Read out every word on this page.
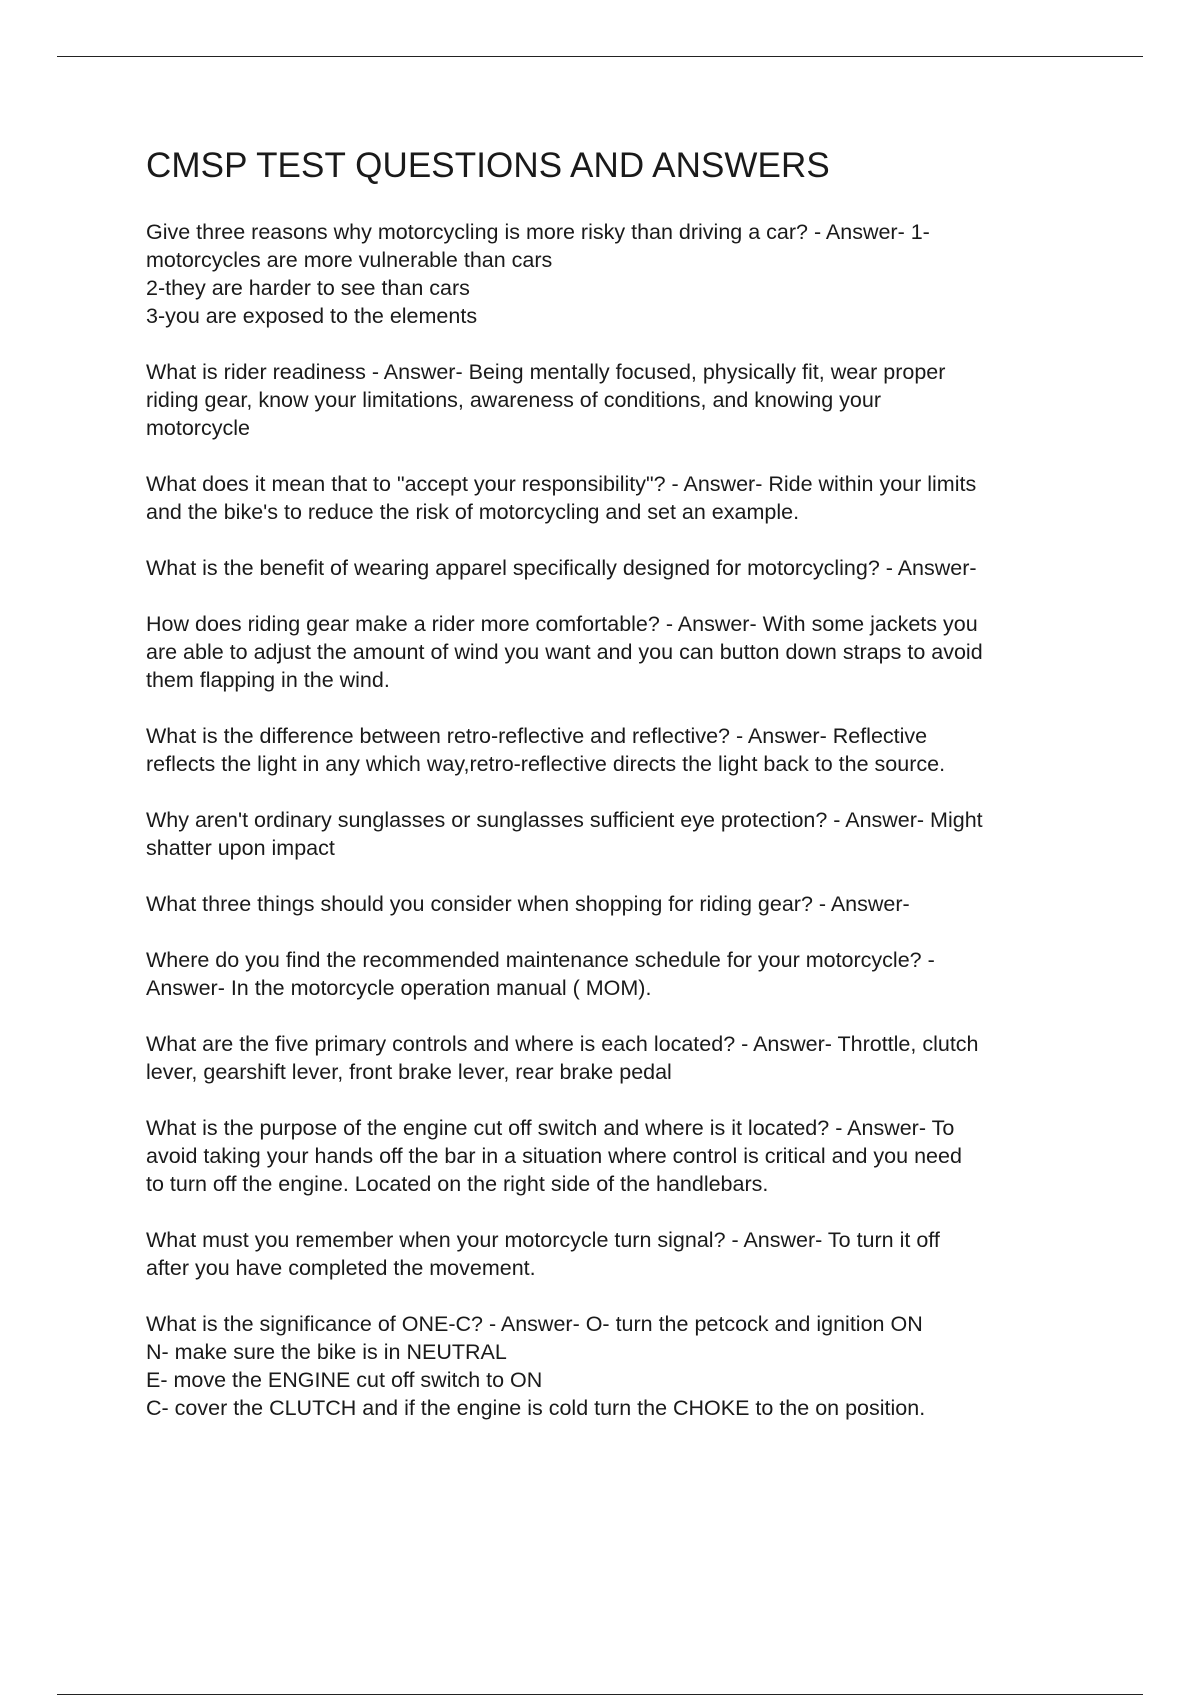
CMSP TEST QUESTIONS AND ANSWERS
Give three reasons why motorcycling is more risky than driving a car? - Answer- 1-
motorcycles are more vulnerable than cars
2-they are harder to see than cars
3-you are exposed to the elements
What is rider readiness - Answer- Being mentally focused, physically fit, wear proper
riding gear, know your limitations, awareness of conditions, and knowing your
motorcycle
What does it mean that to "accept your responsibility"? - Answer- Ride within your limits
and the bike's to reduce the risk of motorcycling and set an example.
What is the benefit of wearing apparel specifically designed for motorcycling? - Answer-
How does riding gear make a rider more comfortable? - Answer- With some jackets you
are able to adjust the amount of wind you want and you can button down straps to avoid
them flapping in the wind.
What is the difference between retro-reflective and reflective? - Answer- Reflective
reflects the light in any which way,retro-reflective directs the light back to the source.
Why aren't ordinary sunglasses or sunglasses sufficient eye protection? - Answer- Might
shatter upon impact
What three things should you consider when shopping for riding gear? - Answer-
Where do you find the recommended maintenance schedule for your motorcycle? -
Answer- In the motorcycle operation manual ( MOM).
What are the five primary controls and where is each located? - Answer- Throttle, clutch
lever, gearshift lever, front brake lever, rear brake pedal
What is the purpose of the engine cut off switch and where is it located? - Answer- To
avoid taking your hands off the bar in a situation where control is critical and you need
to turn off the engine. Located on the right side of the handlebars.
What must you remember when your motorcycle turn signal? - Answer- To turn it off
after you have completed the movement.
What is the significance of ONE-C? - Answer- O- turn the petcock and ignition ON
N- make sure the bike is in NEUTRAL
E- move the ENGINE cut off switch to ON
C- cover the CLUTCH and if the engine is cold turn the CHOKE to the on position.
